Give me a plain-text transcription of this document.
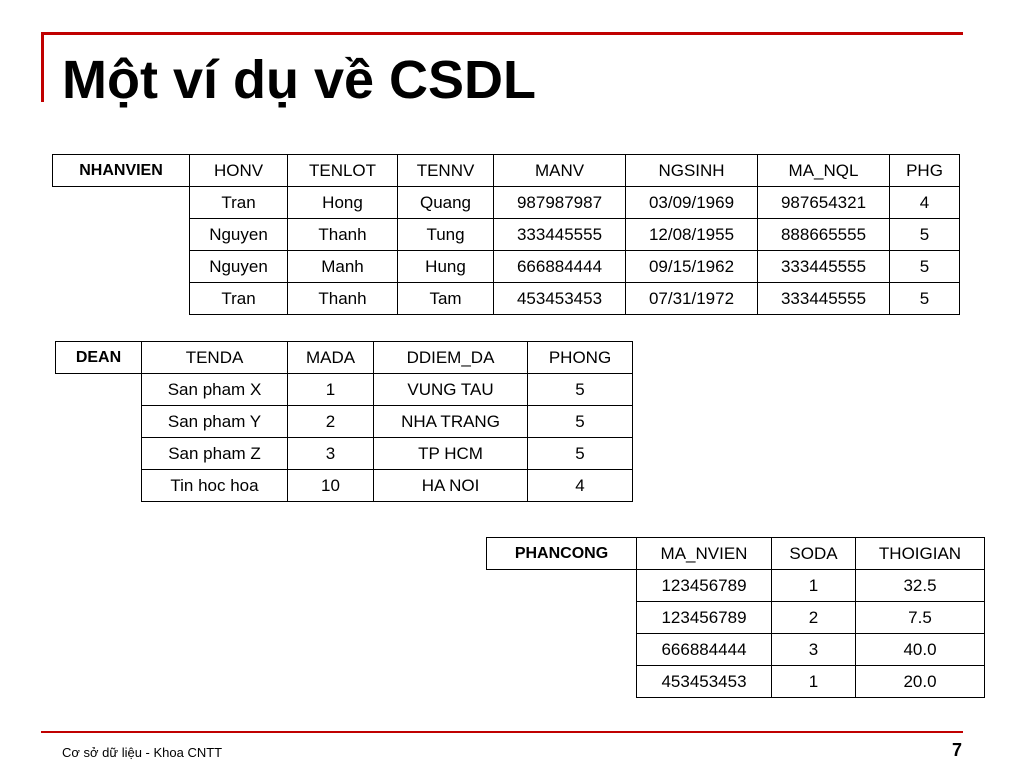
Một ví dụ về CSDL
NHANVIEN	HONV	TENLOT	TENNV	MANV	NGSINH	MA_NQL	PHG
	Tran	Hong	Quang	987987987	03/09/1969	987654321	4
	Nguyen	Thanh	Tung	333445555	12/08/1955	888665555	5
	Nguyen	Manh	Hung	666884444	09/15/1962	333445555	5
	Tran	Thanh	Tam	453453453	07/31/1972	333445555	5
DEAN	TENDA	MADA	DDIEM_DA	PHONG
	San pham X	1	VUNG TAU	5
	San pham Y	2	NHA TRANG	5
	San pham Z	3	TP HCM	5
	Tin hoc hoa	10	HA NOI	4
PHANCONG	MA_NVIEN	SODA	THOIGIAN
	123456789	1	32.5
	123456789	2	7.5
	666884444	3	40.0
	453453453	1	20.0
Cơ sở dữ liệu - Khoa CNTT	7
